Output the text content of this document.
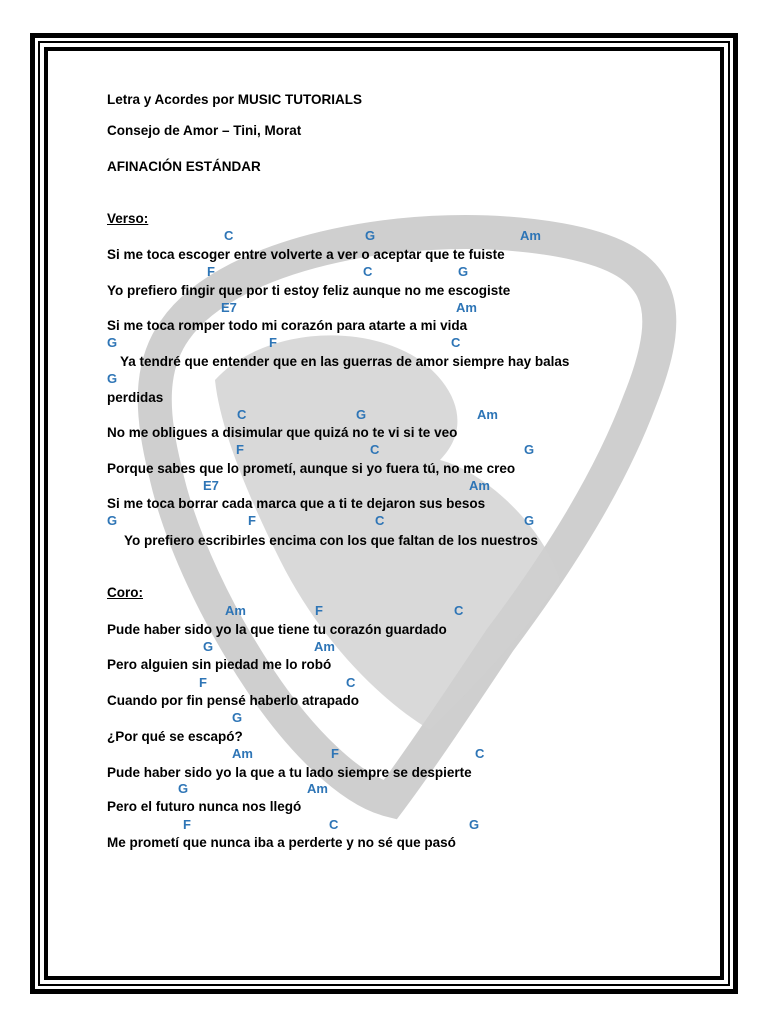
Letra y Acordes por MUSIC TUTORIALS
Consejo de Amor – Tini, Morat
AFINACIÓN ESTÁNDAR
Verso:
C	G	Am
Si me toca escoger entre volverte a ver o aceptar que te fuiste
F	C	G
Yo prefiero fingir que por ti estoy feliz aunque no me escogiste
E7	Am
Si me toca romper todo mi corazón para atarte a mi vida
G	F	C
Ya tendré que entender que en las guerras de amor siempre hay balas
G
perdidas
C	G	Am
No me obligues a disimular que quizá no te vi si te veo
F	C	G
Porque sabes que lo prometí, aunque si yo fuera tú, no me creo
E7	Am
Si me toca borrar cada marca que a ti te dejaron sus besos
G	F	C	G
Yo prefiero escribirles encima con los que faltan de los nuestros
Coro:
Am	F	C
Pude haber sido yo la que tiene tu corazón guardado
G	Am
Pero alguien sin piedad me lo robó
F	C
Cuando por fin pensé haberlo atrapado
G
¿Por qué se escapó?
Am	F	C
Pude haber sido yo la que a tu lado siempre se despierte
G	Am
Pero el futuro nunca nos llegó
F	C	G
Me prometí que nunca iba a perderte y no sé que pasó
